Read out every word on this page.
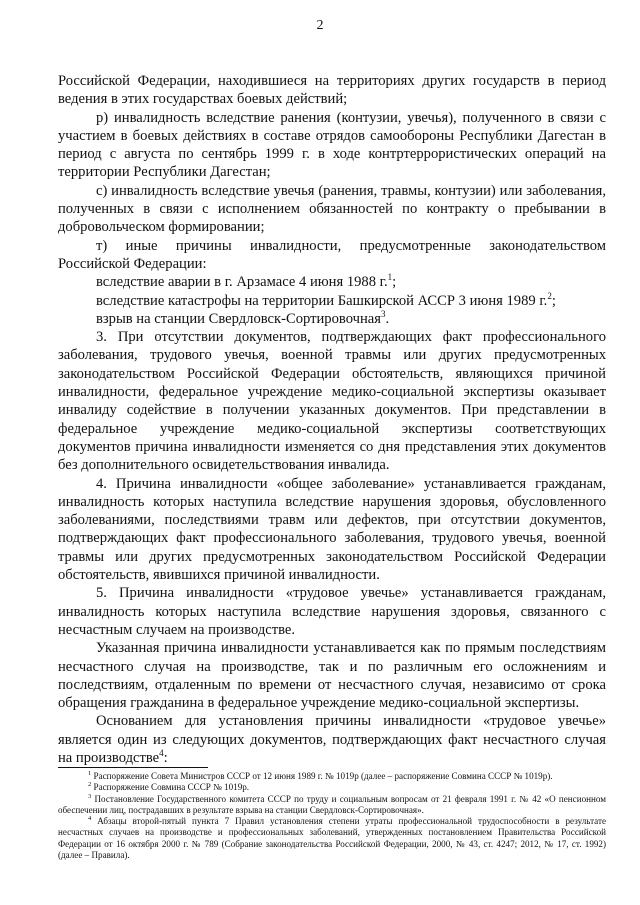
2

Российской Федерации, находившиеся на территориях других государств в период ведения в этих государствах боевых действий;

р) инвалидность вследствие ранения (контузии, увечья), полученного в связи с участием в боевых действиях в составе отрядов самообороны Республики Дагестан в период с августа по сентябрь 1999 г. в ходе контртеррористических операций на территории Республики Дагестан;

с) инвалидность вследствие увечья (ранения, травмы, контузии) или заболевания, полученных в связи с исполнением обязанностей по контракту о пребывании в добровольческом формировании;

т) иные причины инвалидности, предусмотренные законодательством Российской Федерации:

вследствие аварии в г. Арзамасе 4 июня 1988 г.$^1$;

вследствие катастрофы на территории Башкирской АССР 3 июня 1989 г.$^2$;

взрыв на станции Свердловск-Сортировочная$^3$.

3. При отсутствии документов, подтверждающих факт профессионального заболевания, трудового увечья, военной травмы или других предусмотренных законодательством Российской Федерации обстоятельств, являющихся причиной инвалидности, федеральное учреждение медико-социальной экспертизы оказывает инвалиду содействие в получении указанных документов. При представлении в федеральное учреждение медико-социальной экспертизы соответствующих документов причина инвалидности изменяется со дня представления этих документов без дополнительного освидетельствования инвалида.

4. Причина инвалидности «общее заболевание» устанавливается гражданам, инвалидность которых наступила вследствие нарушения здоровья, обусловленного заболеваниями, последствиями травм или дефектов, при отсутствии документов, подтверждающих факт профессионального заболевания, трудового увечья, военной травмы или других предусмотренных законодательством Российской Федерации обстоятельств, явившихся причиной инвалидности.

5. Причина инвалидности «трудовое увечье» устанавливается гражданам, инвалидность которых наступила вследствие нарушения здоровья, связанного с несчастным случаем на производстве.

Указанная причина инвалидности устанавливается как по прямым последствиям несчастного случая на производстве, так и по различным его осложнениям и последствиям, отдаленным по времени от несчастного случая, независимо от срока обращения гражданина в федеральное учреждение медико-социальной экспертизы.

Основанием для установления причины инвалидности «трудовое увечье» является один из следующих документов, подтверждающих факт несчастного случая на производстве$^4$:

$^1$ Распоряжение Совета Министров СССР от 12 июня 1989 г. № 1019р (далее – распоряжение Совмина СССР № 1019р).

$^2$ Распоряжение Совмина СССР № 1019р.

$^3$ Постановление Государственного комитета СССР по труду и социальным вопросам от 21 февраля 1991 г. № 42 «О пенсионном обеспечении лиц, пострадавших в результате взрыва на станции Свердловск-Сортировочная».

$^4$ Абзацы второй-пятый пункта 7 Правил установления степени утраты профессиональной трудоспособности в результате несчастных случаев на производстве и профессиональных заболеваний, утвержденных постановлением Правительства Российской Федерации от 16 октября 2000 г. № 789 (Собрание законодательства Российской Федерации, 2000, № 43, ст. 4247; 2012, № 17, ст. 1992) (далее – Правила).
